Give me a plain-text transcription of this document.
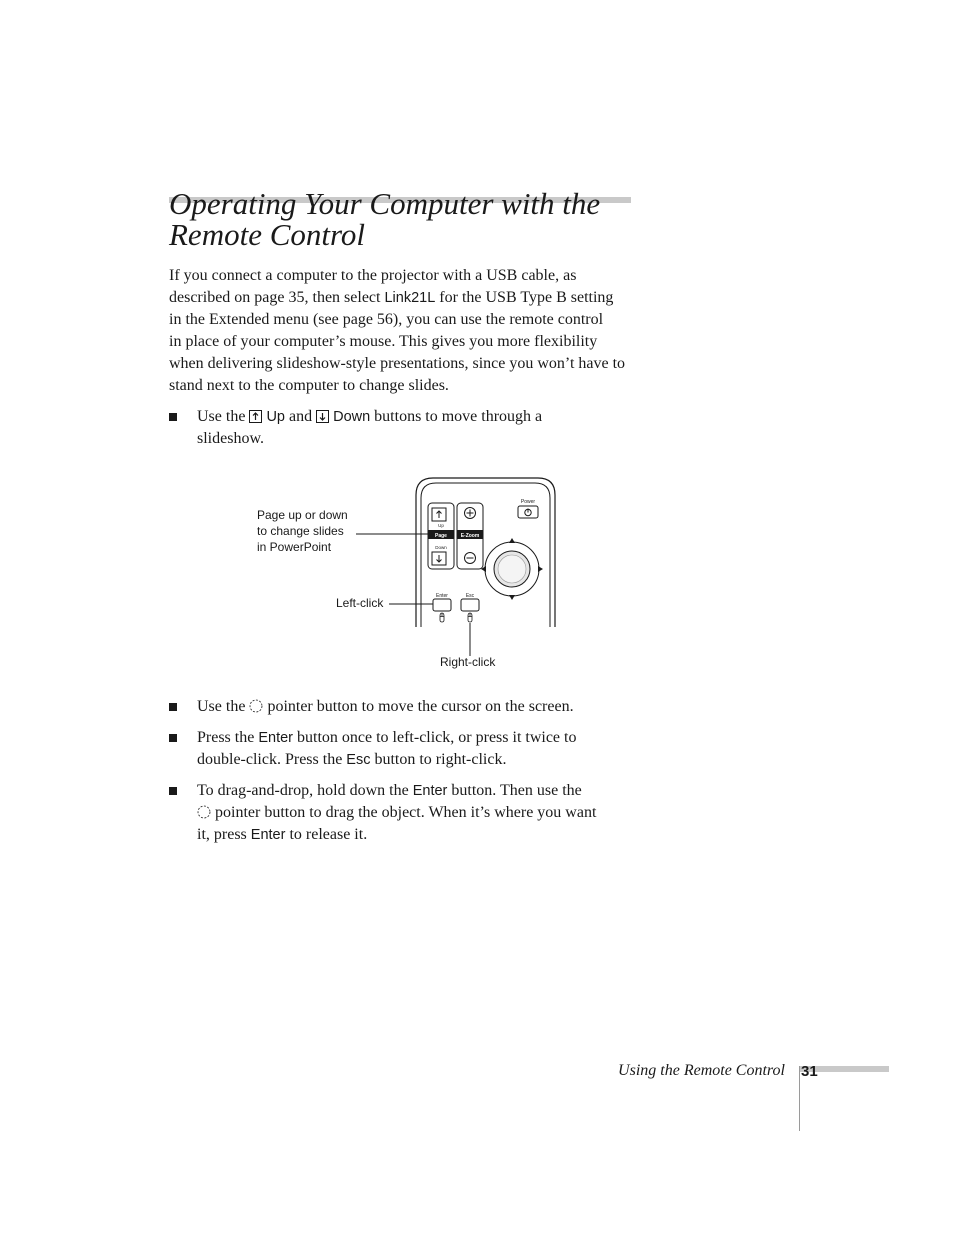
Operating Your Computer with the
Remote Control
If you connect a computer to the projector with a USB cable, as
described on page 35, then select Link21L for the USB Type B setting
in the Extended menu (see page 56), you can use the remote control
in place of your computer’s mouse. This gives you more flexibility
when delivering slideshow-style presentations, since you won’t have to
stand next to the computer to change slides.
Use the  Up and  Down buttons to move through a
slideshow.
Power
Up
Page
Down
E-Zoom
Enter	Esc
Page up or down
to change slides
in PowerPoint
Left-click
Right-click
Use the  pointer button to move the cursor on the screen.
Press the Enter button once to left-click, or press it twice to
double-click. Press the Esc button to right-click.
To drag-and-drop, hold down the Enter button. Then use the
pointer button to drag the object. When it’s where you want
it, press Enter to release it.
Using the Remote Control 31
